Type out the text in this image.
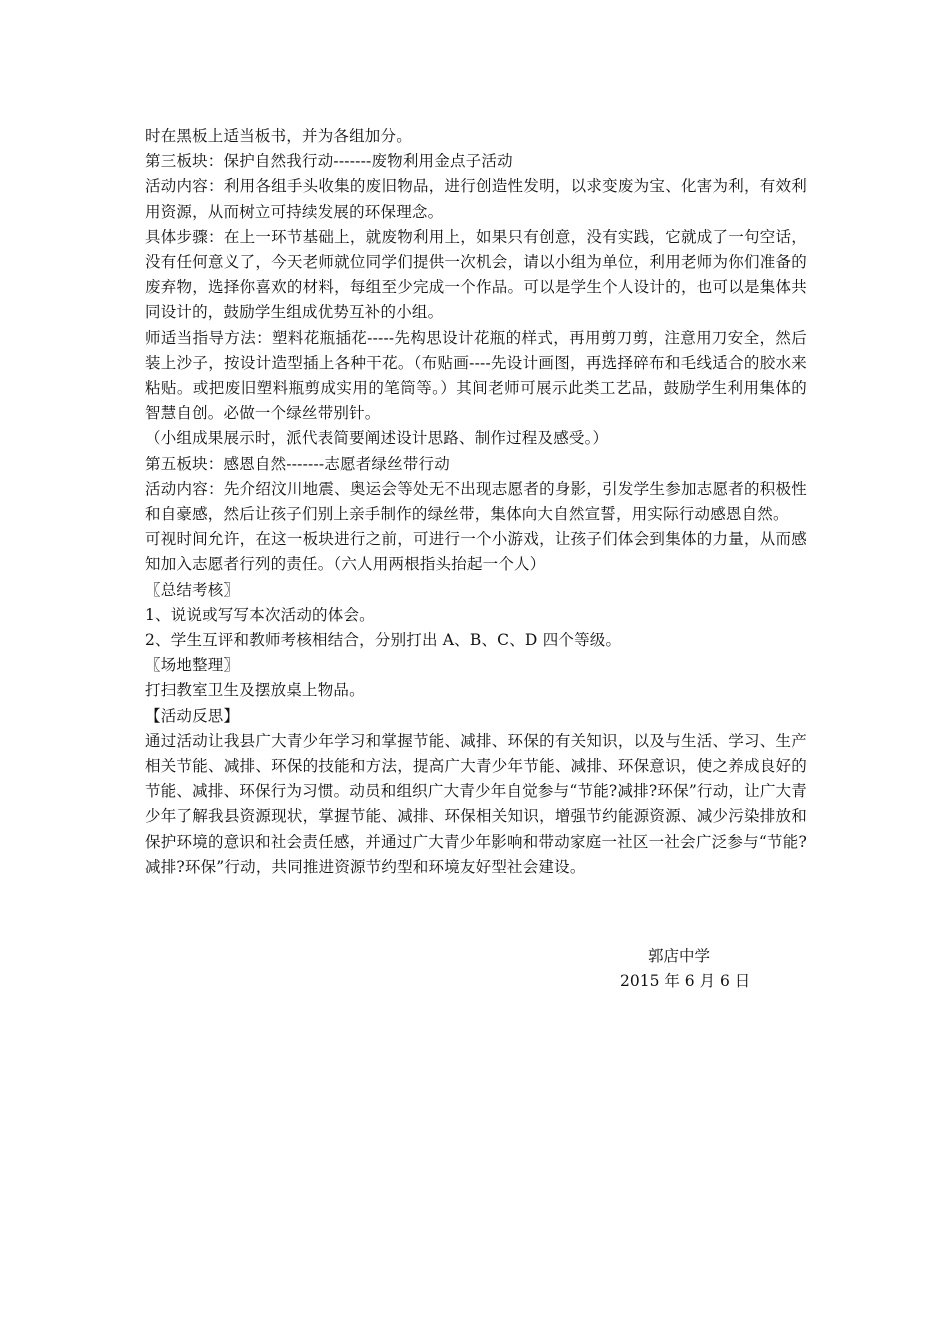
时在黑板上适当板书，并为各组加分。

第三板块：保护自然我行动-------废物利用金点子活动

活动内容：利用各组手头收集的废旧物品，进行创造性发明，以求变废为宝、化害为利，有效利用资源，从而树立可持续发展的环保理念。

具体步骤：在上一环节基础上，就废物利用上，如果只有创意，没有实践，它就成了一句空话，没有任何意义了，今天老师就位同学们提供一次机会，请以小组为单位，利用老师为你们准备的废弃物，选择你喜欢的材料，每组至少完成一个作品。可以是学生个人设计的，也可以是集体共同设计的，鼓励学生组成优势互补的小组。

师适当指导方法：塑料花瓶插花-----先构思设计花瓶的样式，再用剪刀剪，注意用刀安全，然后装上沙子，按设计造型插上各种干花。（布贴画----先设计画图，再选择碎布和毛线适合的胶水来粘贴。或把废旧塑料瓶剪成实用的笔筒等。）其间老师可展示此类工艺品，鼓励学生利用集体的智慧自创。必做一个绿丝带别针。

（小组成果展示时，派代表简要阐述设计思路、制作过程及感受。）

第五板块：感恩自然-------志愿者绿丝带行动

活动内容：先介绍汶川地震、奥运会等处无不出现志愿者的身影，引发学生参加志愿者的积极性和自豪感，然后让孩子们别上亲手制作的绿丝带，集体向大自然宣誓，用实际行动感恩自然。

可视时间允许，在这一板块进行之前，可进行一个小游戏，让孩子们体会到集体的力量，从而感知加入志愿者行列的责任。（六人用两根指头抬起一个人）

〖总结考核〗

1、说说或写写本次活动的体会。

2、学生互评和教师考核相结合，分别打出 A、B、C、D 四个等级。

〖场地整理〗

打扫教室卫生及摆放桌上物品。

【活动反思】

通过活动让我县广大青少年学习和掌握节能、减排、环保的有关知识，以及与生活、学习、生产相关节能、减排、环保的技能和方法，提高广大青少年节能、减排、环保意识，使之养成良好的节能、减排、环保行为习惯。动员和组织广大青少年自觉参与“节能?减排?环保”行动，让广大青少年了解我县资源现状，掌握节能、减排、环保相关知识，增强节约能源资源、减少污染排放和保护环境的意识和社会责任感，并通过广大青少年影响和带动家庭一社区一社会广泛参与“节能?减排?环保”行动，共同推进资源节约型和环境友好型社会建设。

郭店中学

2015 年 6 月 6 日
